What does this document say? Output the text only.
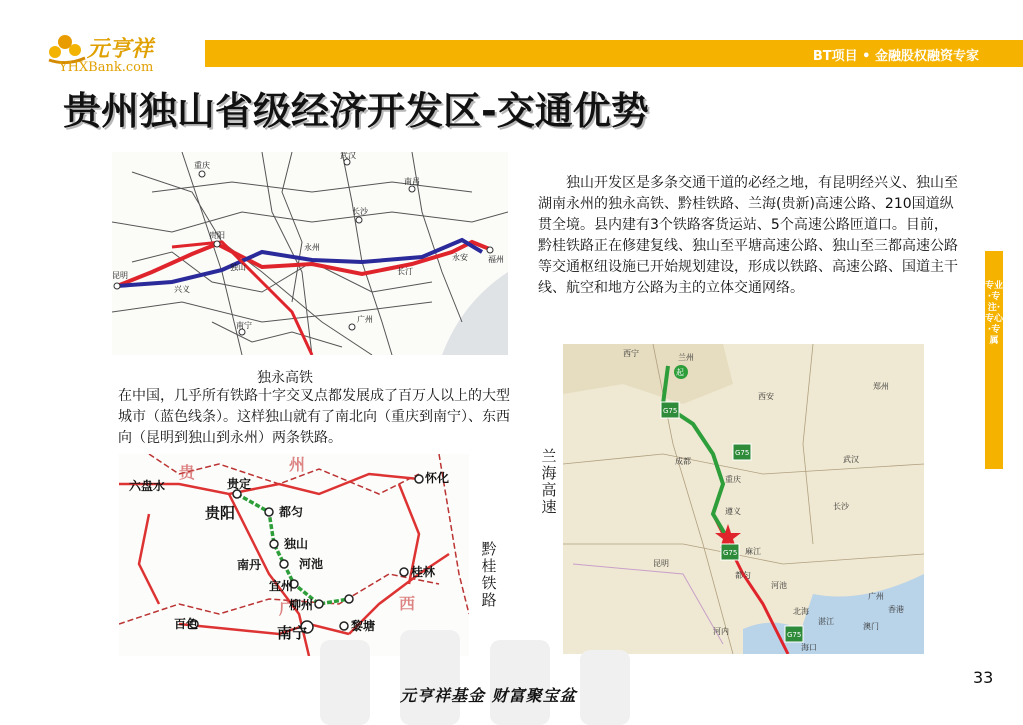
BT项目 • 金融股权融资专家
元亨祥
YHXBank.com
贵州独山省级经济开发区-交通优势
重庆
武汉
贵阳
长沙
南昌
独山
昆明
福州
永安
广州
南宁
兴义
长汀
永州
独永高铁
在中国，几乎所有铁路十字交叉点都发展成了百万人以上的大型城市（蓝色线条）。这样独山就有了南北向（重庆到南宁）、东西向（昆明到独山到永州）两条铁路。
独山开发区是多条交通干道的必经之地，有昆明经兴义、独山至湖南永州的独永高铁、黔桂铁路、兰海(贵新)高速公路、210国道纵贯全境。县内建有3个铁路客货运站、5个高速公路匝道口。目前，黔桂铁路正在修建复线、独山至平塘高速公路、独山至三都高速公路等交通枢纽设施已开始规划建设，形成以铁路、高速公路、国道主干线、航空和地方公路为主的立体交通网络。
贵	州
广	西
六盘水	贵定
贵阳	都匀
独山
南丹	河池
宜州
柳州
桂林
怀化
百色	南宁	黎塘
黔桂铁路
兰海高速
起
G75
G75
G75
G75
西宁	兰州
西安
郑州
成都
重庆
武汉
遵义
长沙
麻江
昆明
都匀
河池
北海
广州
香港
澳门
湛江
河内
海口
专业·专注·专心·专属
33
元亨祥基金 财富聚宝盆
